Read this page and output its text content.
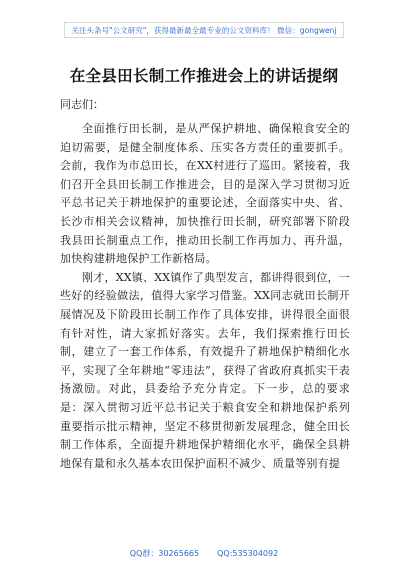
关注头条号"公文研究"，获得最新最全最专业的公文资料库！ 微信：gongwenj
在全县田长制工作推进会上的讲话提纲
同志们：

全面推行田长制，是从严保护耕地、确保粮食安全的迫切需要，是健全制度体系、压实各方责任的重要抓手。会前，我作为市总田长，在XX村进行了巡田。紧接着，我们召开全县田长制工作推进会，目的是深入学习贯彻习近平总书记关于耕地保护的重要论述，全面落实中央、省、长沙市相关会议精神，加快推行田长制，研究部署下阶段我县田长制重点工作，推动田长制工作再加力、再升温，加快构建耕地保护工作新格局。

刚才，XX镇、XX镇作了典型发言，都讲得很到位，一些好的经验做法，值得大家学习借鉴。XX同志就田长制开展情况及下阶段田长制工作作了具体安排，讲得很全面很有针对性，请大家抓好落实。去年，我们探索推行田长制，建立了一套工作体系，有效提升了耕地保护精细化水平，实现了全年耕地“零违法”，获得了省政府真抓实干表扬激励。对此，县委给予充分肯定。下一步，总的要求是：深入贯彻习近平总书记关于粮食安全和耕地保护系列重要指示批示精神，坚定不移贯彻新发展理念，健全田长制工作体系，全面提升耕地保护精细化水平，确保全县耕地保有量和永久基本农田保护面积不减少、质量等别有提

QQ群：30265665 QQ:535304092
